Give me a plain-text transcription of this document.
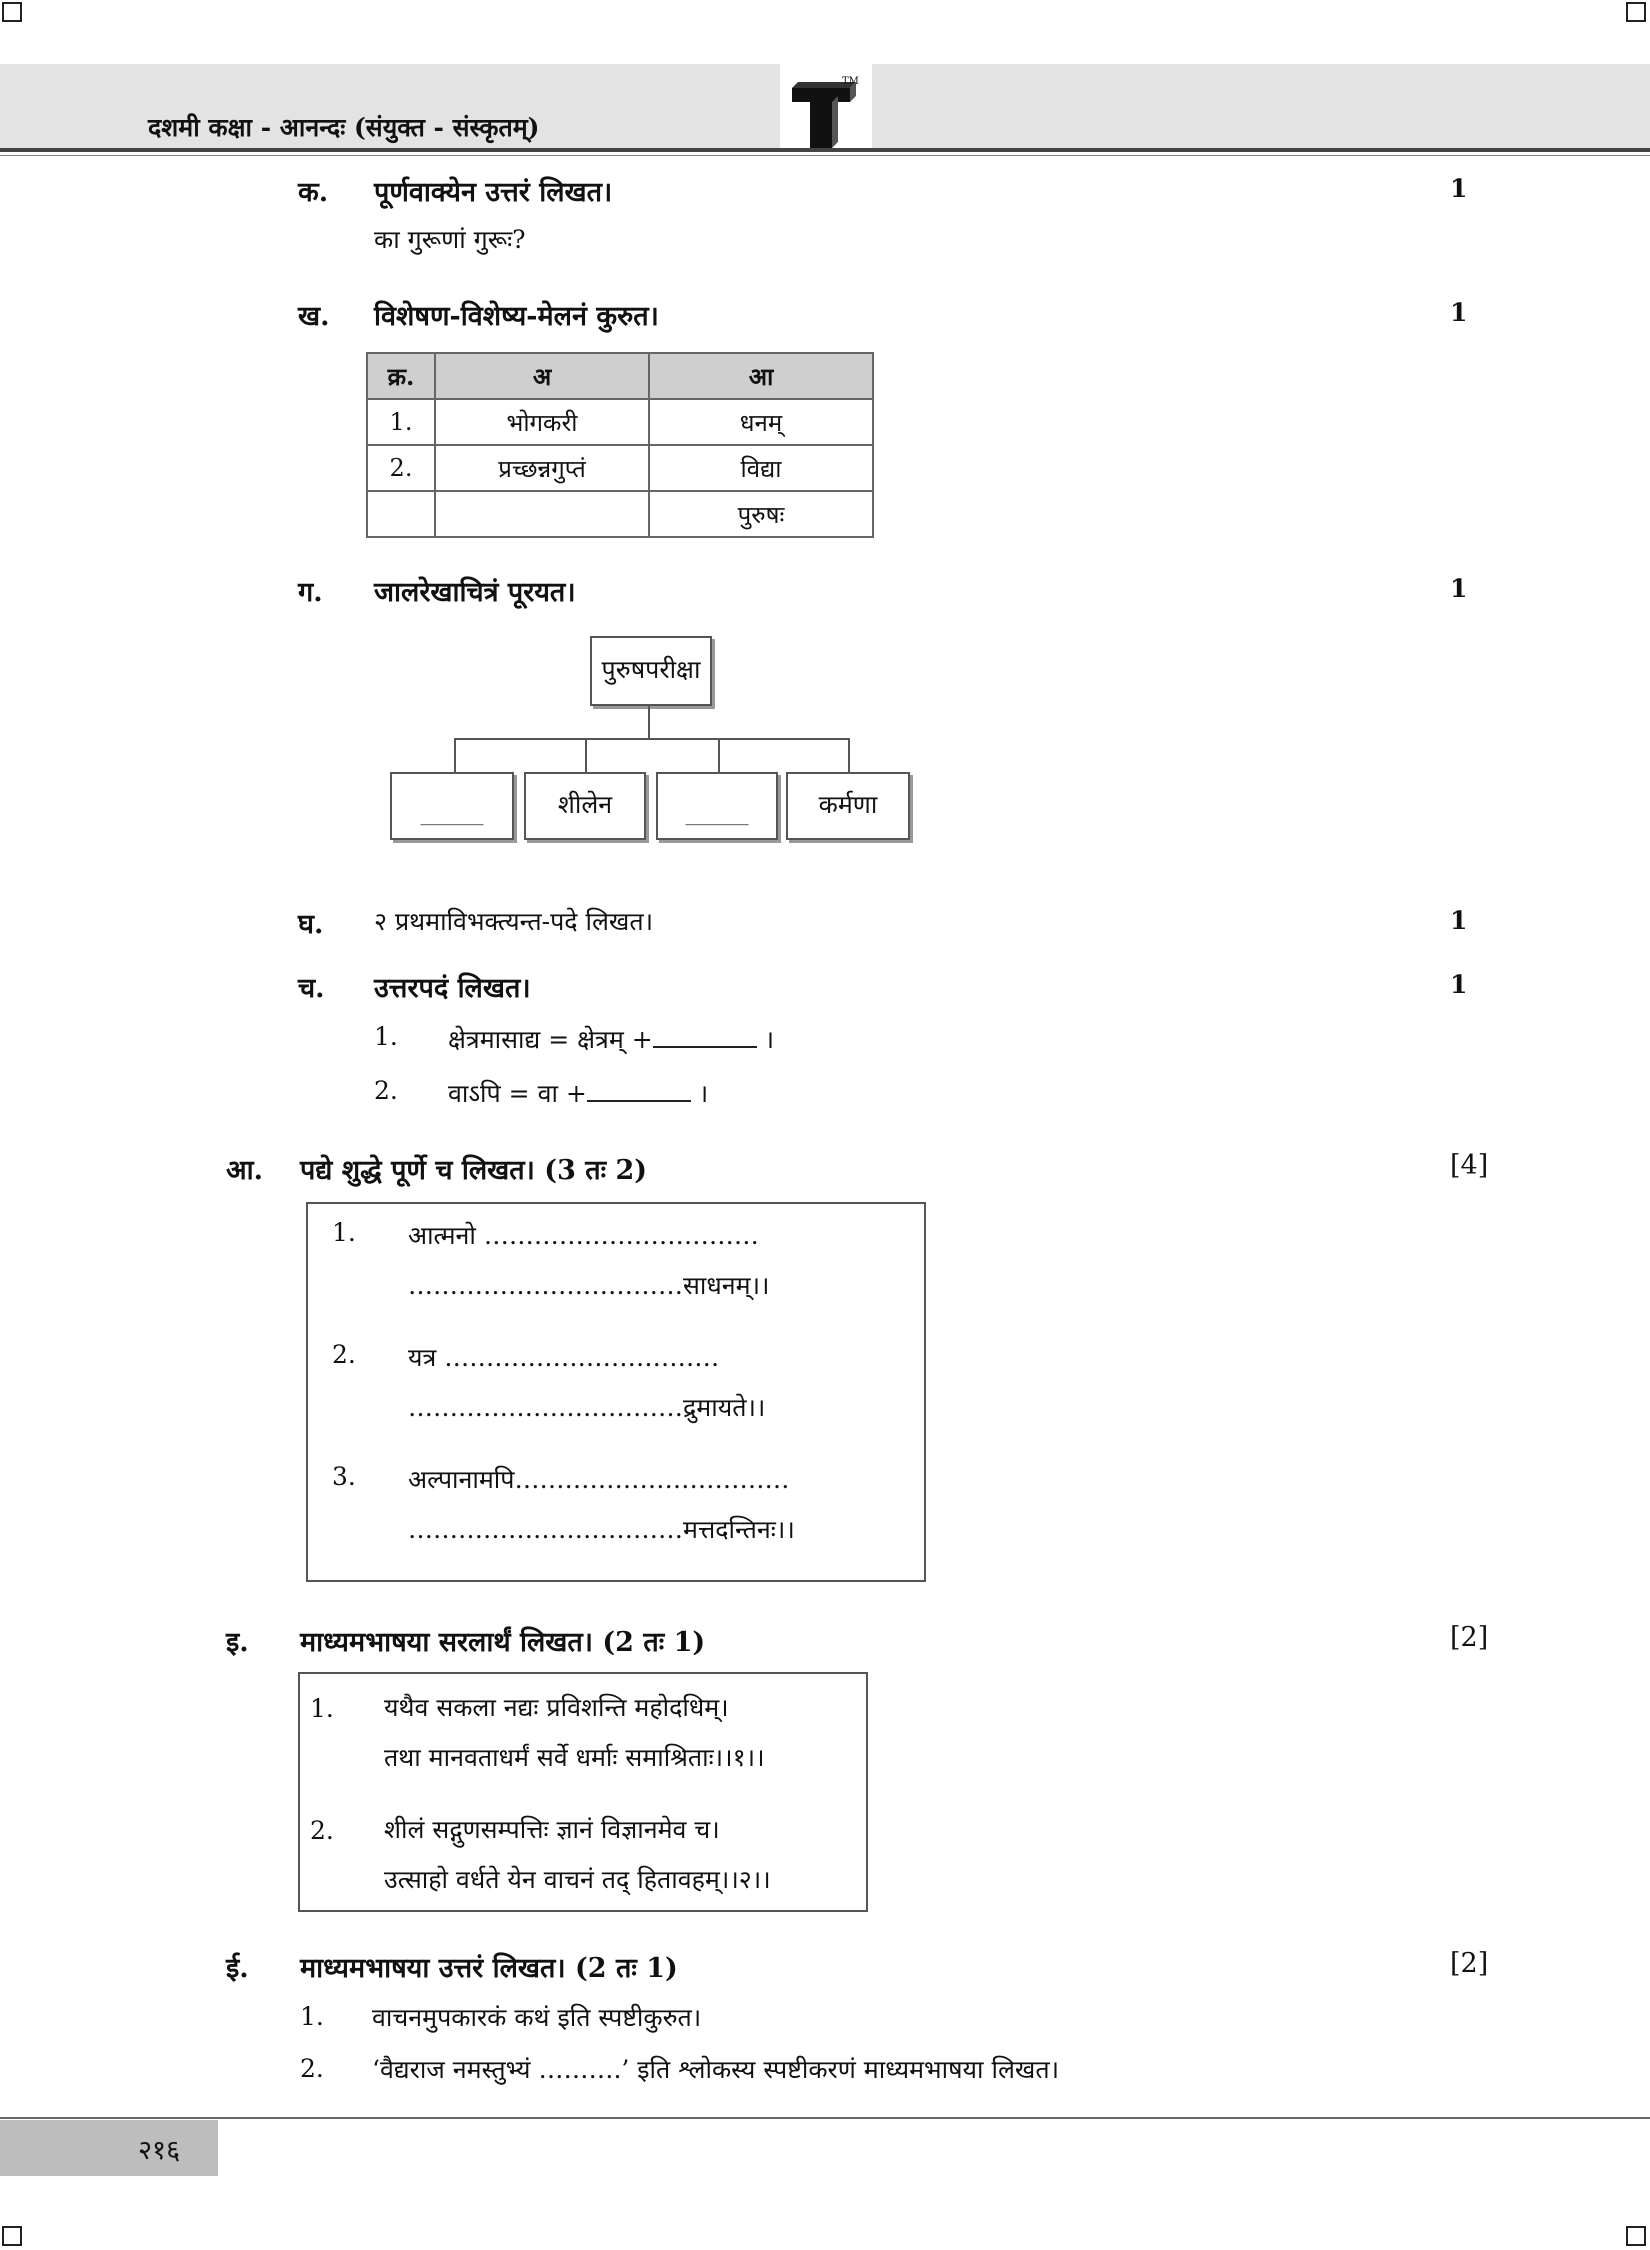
दशमी कक्षा - आनन्दः (संयुक्त - संस्कृतम्)
TM
क. पूर्णवाक्येन उत्तरं लिखत।	1
का गुरूणां गुरूः?
ख. विशेषण-विशेष्य-मेलनं कुरुत।	1
क्र.	अ	आ
1.	भोगकरी	धनम्
2.	प्रच्छन्नगुप्तं	विद्या
		पुरुषः
ग. जालरेखाचित्रं पूरयत।	1
पुरुषपरीक्षा
_______	शीलेन	_______	कर्मणा
घ. २ प्रथमाविभक्त्यन्त-पदे लिखत।	1
च. उत्तरपदं लिखत।	1
1. क्षेत्रमासाद्य = क्षेत्रम् +	।
2. वाऽपि = वा +	।
आ. पद्ये शुद्धे पूर्णे च लिखत। (3 तः 2)	[4]
1. आत्मनो ……………………………
……………………………साधनम्।।
2. यत्र ……………………………
……………………………द्रुमायते।।
3. अल्पानामपि……………………………
……………………………मत्तदन्तिनः।।
इ. माध्यमभाषया सरलार्थं लिखत। (2 तः 1)	[2]
1. यथैव सकला नद्यः प्रविशन्ति महोदधिम्।
तथा मानवताधर्मं सर्वे धर्माः समाश्रिताः।।१।।
2. शीलं सद्गुणसम्पत्तिः ज्ञानं विज्ञानमेव च।
उत्साहो वर्धते येन वाचनं तद् हितावहम्।।२।।
ई. माध्यमभाषया उत्तरं लिखत। (2 तः 1)	[2]
1. वाचनमुपकारकं कथं इति स्पष्टीकुरुत।
2. ‘वैद्यराज नमस्तुभ्यं ……….’ इति श्लोकस्य स्पष्टीकरणं माध्यमभाषया लिखत।
२१६
